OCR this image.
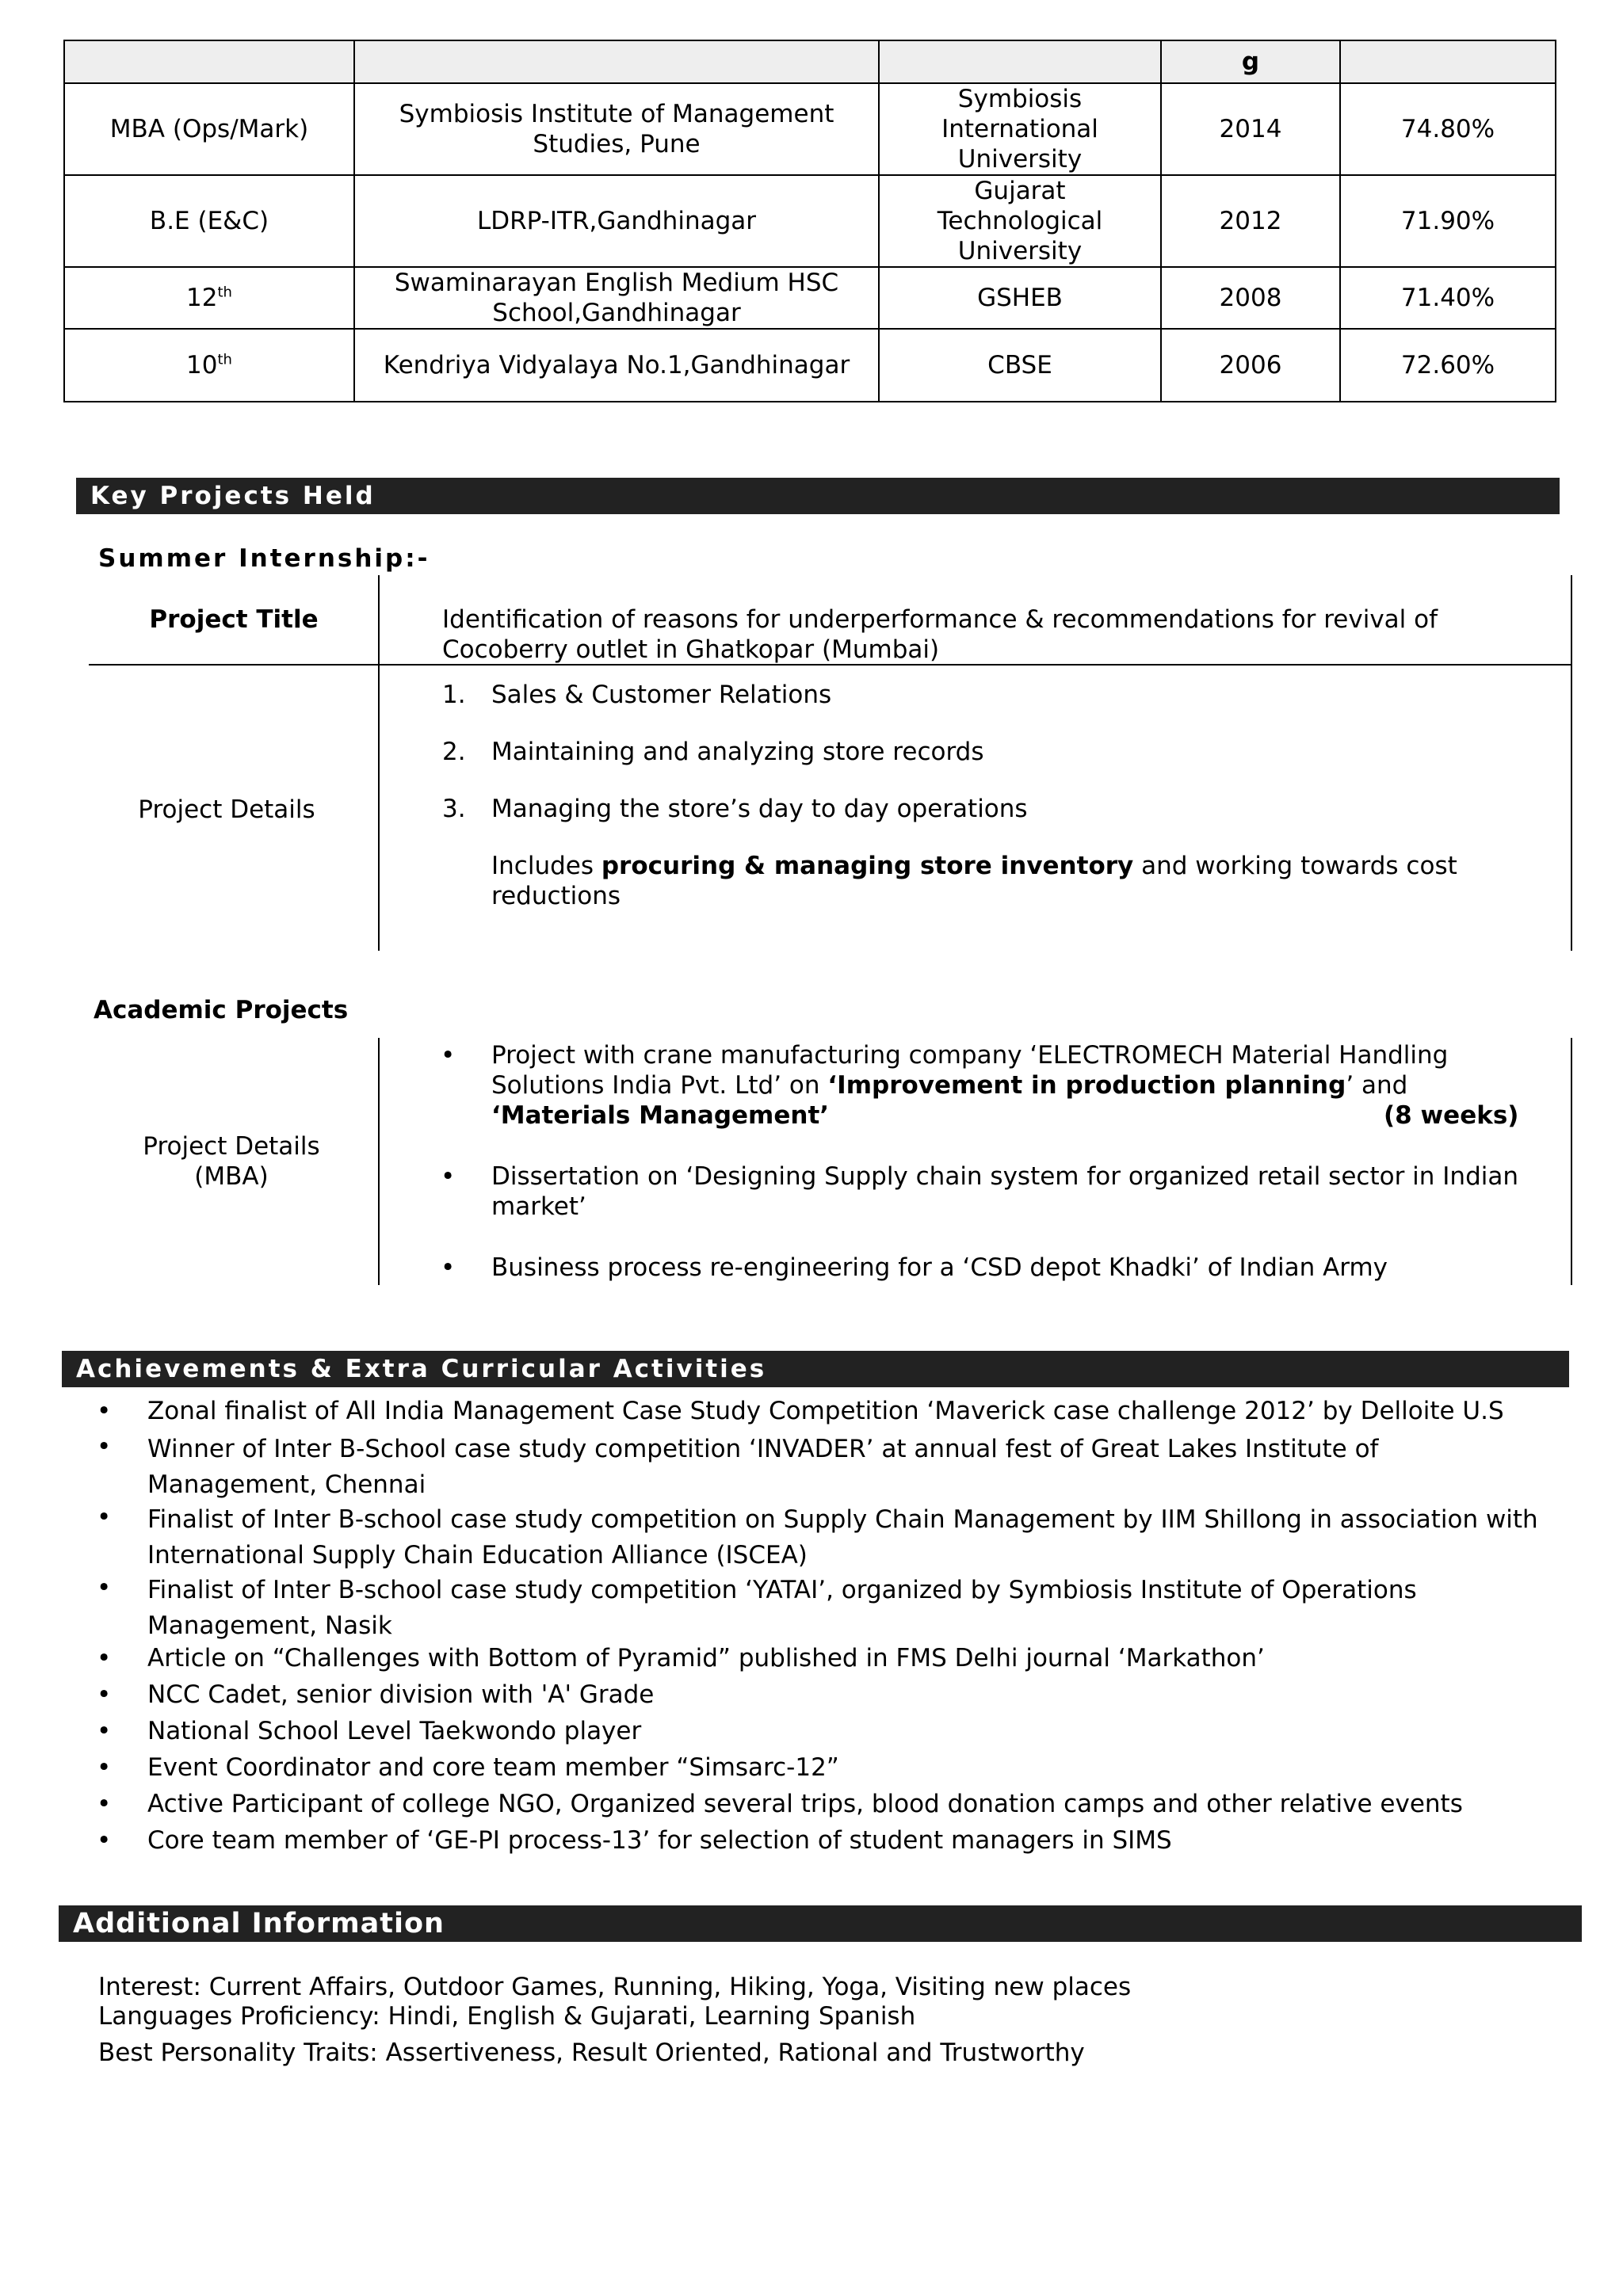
			g	
MBA (Ops/Mark)	Symbiosis Institute of Management Studies, Pune	Symbiosis International University	2014	74.80%
B.E (E&C)	LDRP-ITR,Gandhinagar	Gujarat Technological University	2012	71.90%
12th	Swaminarayan English Medium HSC School,Gandhinagar	GSHEB	2008	71.40%
10th	Kendriya Vidyalaya No.1,Gandhinagar	CBSE	2006	72.60%
Key Projects Held
Summer Internship:-
Project Title	Identification of reasons for underperformance & recommendations for revival of Cocoberry outlet in Ghatkopar (Mumbai)
Project Details
1. Sales & Customer Relations
2. Maintaining and analyzing store records
3. Managing the store’s day to day operations
Includes procuring & managing store inventory and working towards cost reductions
Academic Projects
Project Details (MBA)
• Project with crane manufacturing company ‘ELECTROMECH Material Handling Solutions India Pvt. Ltd’ on ‘Improvement in production planning’ and
‘Materials Management’	(8 weeks)
• Dissertation on ‘Designing Supply chain system for organized retail sector in Indian market’
• Business process re-engineering for a ‘CSD depot Khadki’ of Indian Army
Achievements & Extra Curricular Activities
• Zonal finalist of All India Management Case Study Competition ‘Maverick case challenge 2012’ by Delloite U.S
• Winner of Inter B-School case study competition ‘INVADER’ at annual fest of Great Lakes Institute of Management, Chennai
• Finalist of Inter B-school case study competition on Supply Chain Management by IIM Shillong in association with International Supply Chain Education Alliance (ISCEA)
• Finalist of Inter B-school case study competition ‘YATAI’, organized by Symbiosis Institute of Operations Management, Nasik
• Article on “Challenges with Bottom of Pyramid” published in FMS Delhi journal ‘Markathon’
• NCC Cadet, senior division with 'A' Grade
• National School Level Taekwondo player
• Event Coordinator and core team member “Simsarc-12”
• Active Participant of college NGO, Organized several trips, blood donation camps and other relative events
• Core team member of ‘GE-PI process-13’ for selection of student managers in SIMS
Additional Information
Interest: Current Affairs, Outdoor Games, Running, Hiking, Yoga, Visiting new places
Languages Proficiency: Hindi, English & Gujarati, Learning Spanish
Best Personality Traits: Assertiveness, Result Oriented, Rational and Trustworthy
